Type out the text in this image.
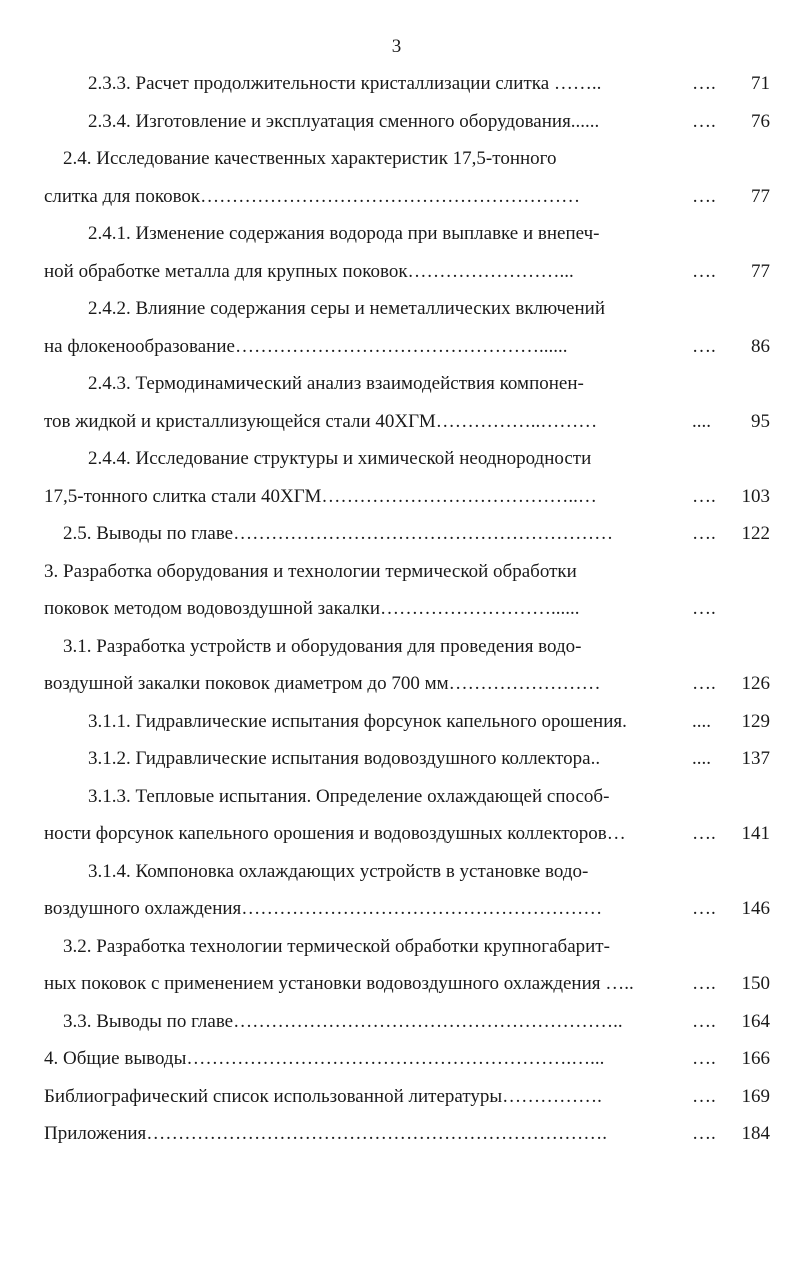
3
2.3.3. Расчет продолжительности кристаллизации слитка ……..	….	71
2.3.4. Изготовление и эксплуатация сменного оборудования......	….	76
2.4. Исследование качественных характеристик 17,5-тонного
слитка для поковок……………………………………………………	….	77
2.4.1. Изменение содержания водорода при выплавке и внепеч-
ной обработке металла для крупных поковок……………………...	….	77
2.4.2. Влияние содержания серы и неметаллических включений
на флокенообразование…………………………………………......	….	86
2.4.3. Термодинамический анализ взаимодействия компонен-
тов жидкой и кристаллизующейся стали 40ХГМ……………..………	....	95
2.4.4. Исследование структуры и химической неоднородности
17,5-тонного слитка стали 40ХГМ…………………………………..…	….	103
2.5. Выводы по главе……………………………………………………	….	122
3. Разработка оборудования и технологии термической обработки
поковок методом водовоздушной закалки………………………......	….
3.1. Разработка устройств и оборудования для проведения водо-
воздушной закалки поковок диаметром до 700 мм……………………	….	126
3.1.1. Гидравлические испытания форсунок капельного орошения.	....	129
3.1.2. Гидравлические испытания водовоздушного коллектора..	....	137
3.1.3. Тепловые испытания. Определение охлаждающей способ-
ности форсунок капельного орошения и водовоздушных коллекторов…	….	141
3.1.4. Компоновка охлаждающих устройств в установке водо-
воздушного охлаждения…………………………………………………	….	146
3.2. Разработка технологии термической обработки крупногабарит-
ных поковок с применением установки водовоздушного охлаждения …..	….	150
3.3. Выводы по главе……………………………………………………..	….	164
4. Общие выводы…………………………………………………….…...	….	166
Библиографический список использованной литературы…………….	….	169
Приложения……………………………………………………………….	….	184
